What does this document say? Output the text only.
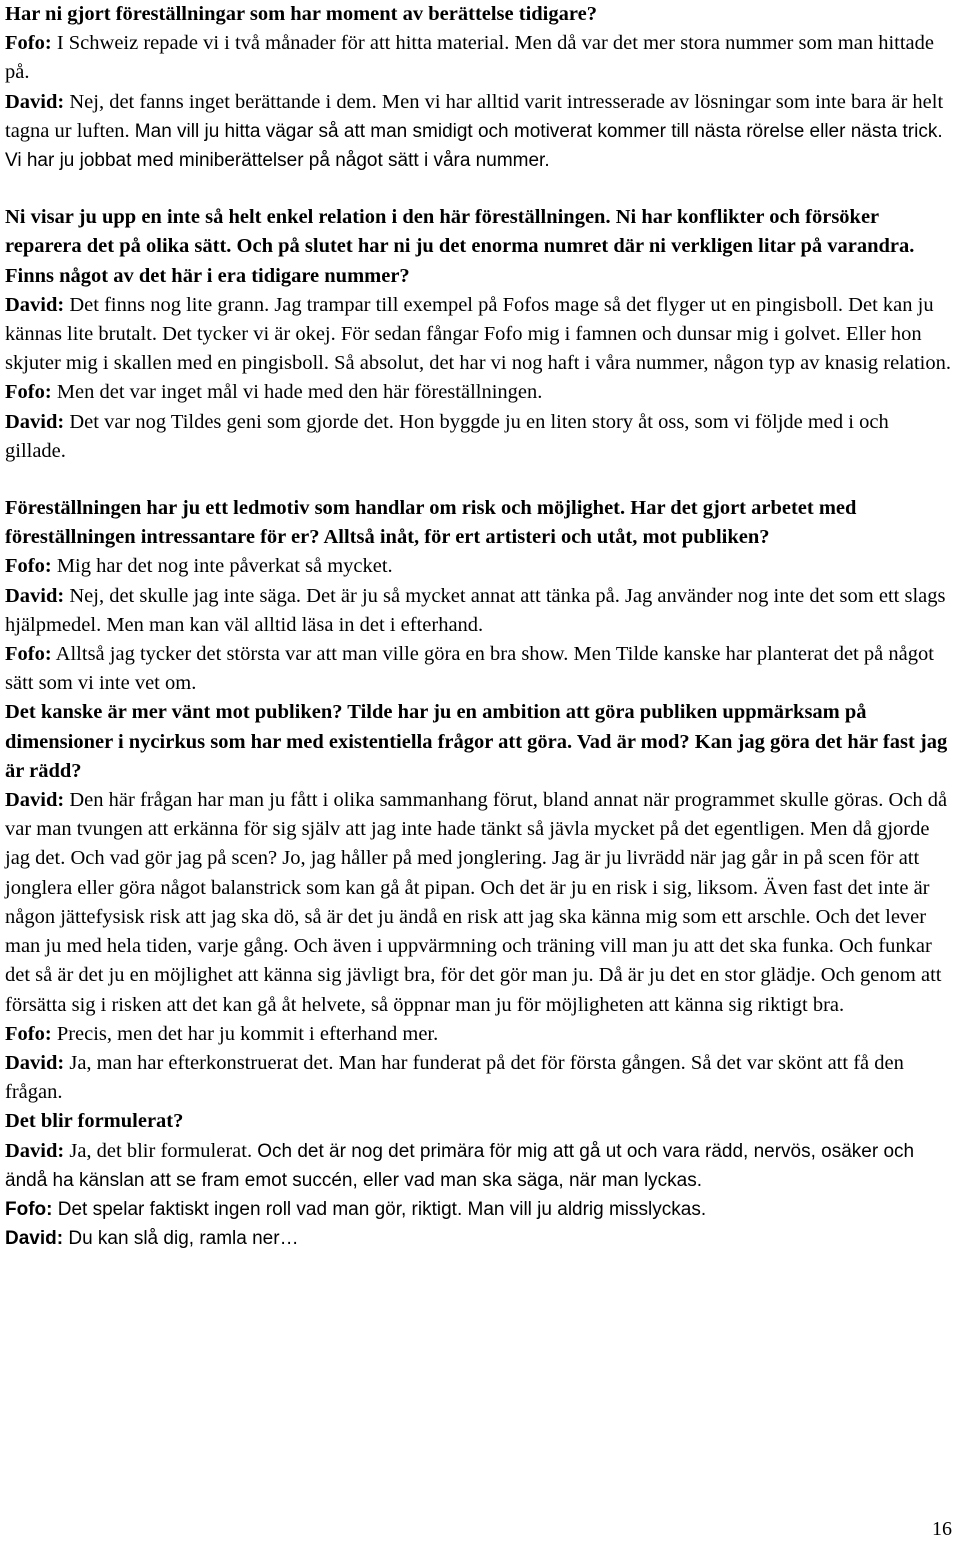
Har ni gjort föreställningar som har moment av berättelse tidigare?

Fofo: I Schweiz repade vi i två månader för att hitta material. Men då var det mer stora nummer som man hittade på.

David: Nej, det fanns inget berättande i dem. Men vi har alltid varit intresserade av lösningar som inte bara är helt tagna ur luften. Man vill ju hitta vägar så att man smidigt och motiverat kommer till nästa rörelse eller nästa trick. Vi har ju jobbat med miniberättelser på något sätt i våra nummer.

Ni visar ju upp en inte så helt enkel relation i den här föreställningen. Ni har konflikter och försöker reparera det på olika sätt. Och på slutet har ni ju det enorma numret där ni verkligen litar på varandra. Finns något av det här i era tidigare nummer?

David: Det finns nog lite grann. Jag trampar till exempel på Fofos mage så det flyger ut en pingisboll. Det kan ju kännas lite brutalt. Det tycker vi är okej. För sedan fångar Fofo mig i famnen och dunsar mig i golvet. Eller hon skjuter mig i skallen med en pingisboll. Så absolut, det har vi nog haft i våra nummer, någon typ av knasig relation.

Fofo: Men det var inget mål vi hade med den här föreställningen.

David: Det var nog Tildes geni som gjorde det. Hon byggde ju en liten story åt oss, som vi följde med i och gillade.

Föreställningen har ju ett ledmotiv som handlar om risk och möjlighet. Har det gjort arbetet med föreställningen intressantare för er? Alltså inåt, för ert artisteri och utåt, mot publiken?

Fofo: Mig har det nog inte påverkat så mycket.

David: Nej, det skulle jag inte säga. Det är ju så mycket annat att tänka på. Jag använder nog inte det som ett slags hjälpmedel. Men man kan väl alltid läsa in det i efterhand.

Fofo: Alltså jag tycker det största var att man ville göra en bra show. Men Tilde kanske har planterat det på något sätt som vi inte vet om.

Det kanske är mer vänt mot publiken? Tilde har ju en ambition att göra publiken uppmärksam på dimensioner i nycirkus som har med existentiella frågor att göra. Vad är mod? Kan jag göra det här fast jag är rädd?

David: Den här frågan har man ju fått i olika sammanhang förut, bland annat när programmet skulle göras. Och då var man tvungen att erkänna för sig själv att jag inte hade tänkt så jävla mycket på det egentligen. Men då gjorde jag det. Och vad gör jag på scen? Jo, jag håller på med jonglering. Jag är ju livrädd när jag går in på scen för att jonglera eller göra något balanstrick som kan gå åt pipan. Och det är ju en risk i sig, liksom. Även fast det inte är någon jättefysisk risk att jag ska dö, så är det ju ändå en risk att jag ska känna mig som ett arschle. Och det lever man ju med hela tiden, varje gång. Och även i uppvärmning och träning vill man ju att det ska funka. Och funkar det så är det ju en möjlighet att känna sig jävligt bra, för det gör man ju. Då är ju det en stor glädje. Och genom att försätta sig i risken att det kan gå åt helvete, så öppnar man ju för möjligheten att känna sig riktigt bra.

Fofo: Precis, men det har ju kommit i efterhand mer.

David: Ja, man har efterkonstruerat det. Man har funderat på det för första gången. Så det var skönt att få den frågan.

Det blir formulerat?

David: Ja, det blir formulerat. Och det är nog det primära för mig att gå ut och vara rädd, nervös, osäker och ändå ha känslan att se fram emot succén, eller vad man ska säga, när man lyckas.

Fofo: Det spelar faktiskt ingen roll vad man gör, riktigt. Man vill ju aldrig misslyckas.

David: Du kan slå dig, ramla ner…

16
